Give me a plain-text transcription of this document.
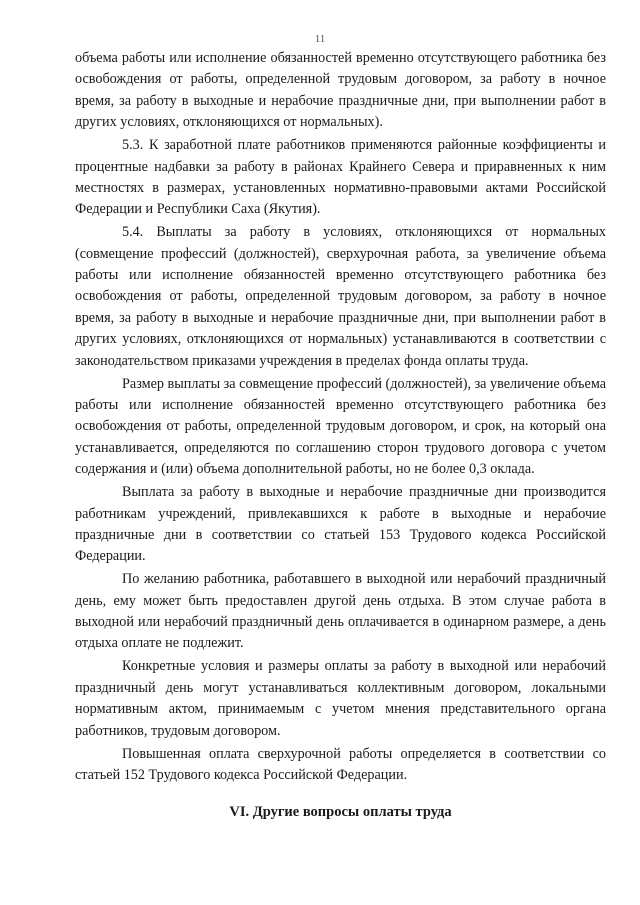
11

объема работы или исполнение обязанностей временно отсутствующего работника без освобождения от работы, определенной трудовым договором, за работу в ночное время, за работу в выходные и нерабочие праздничные дни, при выполнении работ в других условиях, отклоняющихся от нормальных).

5.3. К заработной плате работников применяются районные коэффициенты и процентные надбавки за работу в районах Крайнего Севера и приравненных к ним местностях в размерах, установленных нормативно-правовыми актами Российской Федерации и Республики Саха (Якутия).

5.4. Выплаты за работу в условиях, отклоняющихся от нормальных (совмещение профессий (должностей), сверхурочная работа, за увеличение объема работы или исполнение обязанностей временно отсутствующего работника без освобождения от работы, определенной трудовым договором, за работу в ночное время, за работу в выходные и нерабочие праздничные дни, при выполнении работ в других условиях, отклоняющихся от нормальных) устанавливаются в соответствии с законодательством приказами учреждения в пределах фонда оплаты труда.

Размер выплаты за совмещение профессий (должностей), за увеличение объема работы или исполнение обязанностей временно отсутствующего работника без освобождения от работы, определенной трудовым договором, и срок, на который она устанавливается, определяются по соглашению сторон трудового договора с учетом содержания и (или) объема дополнительной работы, но не более 0,3 оклада.

Выплата за работу в выходные и нерабочие праздничные дни производится работникам учреждений, привлекавшихся к работе в выходные и нерабочие праздничные дни в соответствии со статьей 153 Трудового кодекса Российской Федерации.

По желанию работника, работавшего в выходной или нерабочий праздничный день, ему может быть предоставлен другой день отдыха. В этом случае работа в выходной или нерабочий праздничный день оплачивается в одинарном размере, а день отдыха оплате не подлежит.

Конкретные условия и размеры оплаты за работу в выходной или нерабочий праздничный день могут устанавливаться коллективным договором, локальными нормативным актом, принимаемым с учетом мнения представительного органа работников, трудовым договором.

Повышенная оплата сверхурочной работы определяется в соответствии со статьей 152 Трудового кодекса Российской Федерации.

VI. Другие вопросы оплаты труда
